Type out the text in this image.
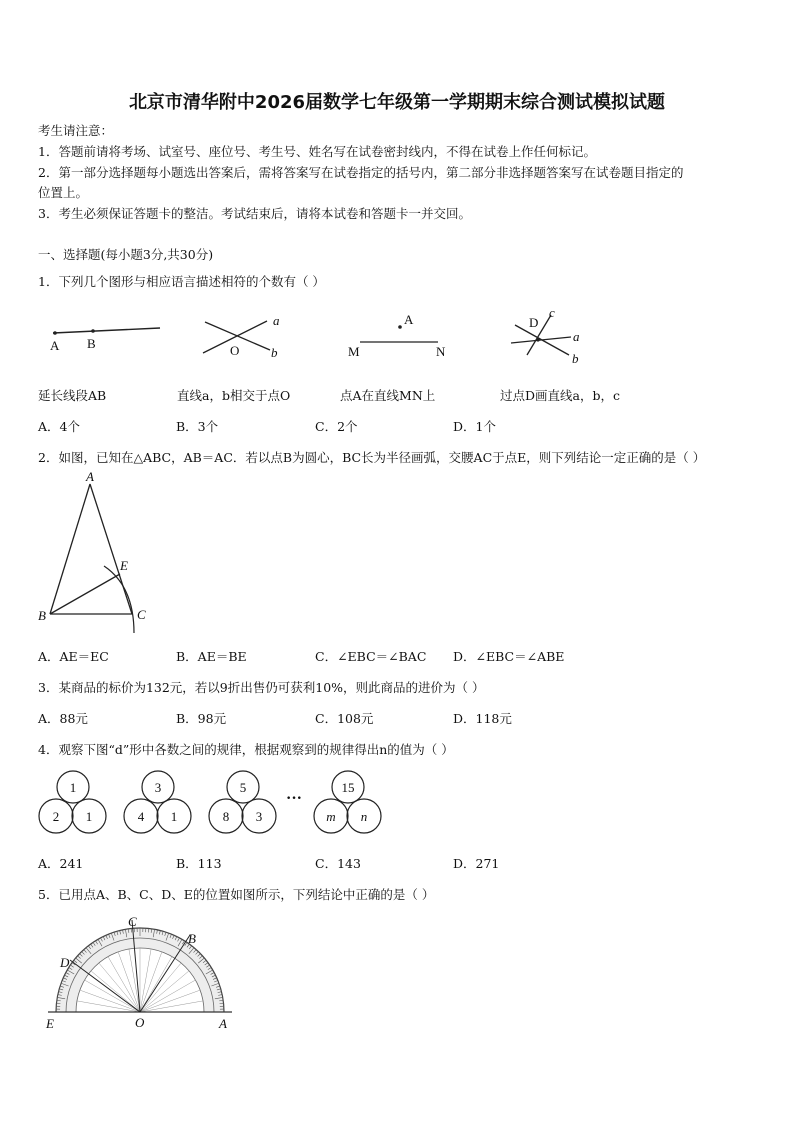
北京市清华附中2026届数学七年级第一学期期末综合测试模拟试题
考生请注意：
1．答题前请将考场、试室号、座位号、考生号、姓名写在试卷密封线内，不得在试卷上作任何标记。
2．第一部分选择题每小题选出答案后，需将答案写在试卷指定的括号内，第二部分非选择题答案写在试卷题目指定的
位置上。
3．考生必须保证答题卡的整洁。考试结束后，请将本试卷和答题卡一并交回。
一、选择题(每小题3分,共30分)
1．下列几个图形与相应语言描述相符的个数有（ ）
A B
a
O b
A
M	N
D
c
a
b
延长线段AB	直线a，b相交于点O	点A在直线MN上	过点D画直线a，b，c
A．4个	B．3个	C．2个	D．1个
2．如图，已知在△ABC，AB＝AC．若以点B为圆心，BC长为半径画弧，交腰AC于点E，则下列结论一定正确的是（ ）
A
E
B	C
A．AE＝EC	B．AE＝BE	C．∠EBC＝∠BAC D．∠EBC＝∠ABE
3．某商品的标价为132元，若以9折出售仍可获利10%，则此商品的进价为（ ）
A．88元	B．98元	C．108元	D．118元
4．观察下图“d”形中各数之间的规律，根据观察到的规律得出n的值为（ ）
1
2 1
3
4 1
5
8 3
···
15
m n
A．241	B．113	C．143	D．271
5．已用点A、B、C、D、E的位置如图所示，下列结论中正确的是（ ）
C
B
D
E	O	A
